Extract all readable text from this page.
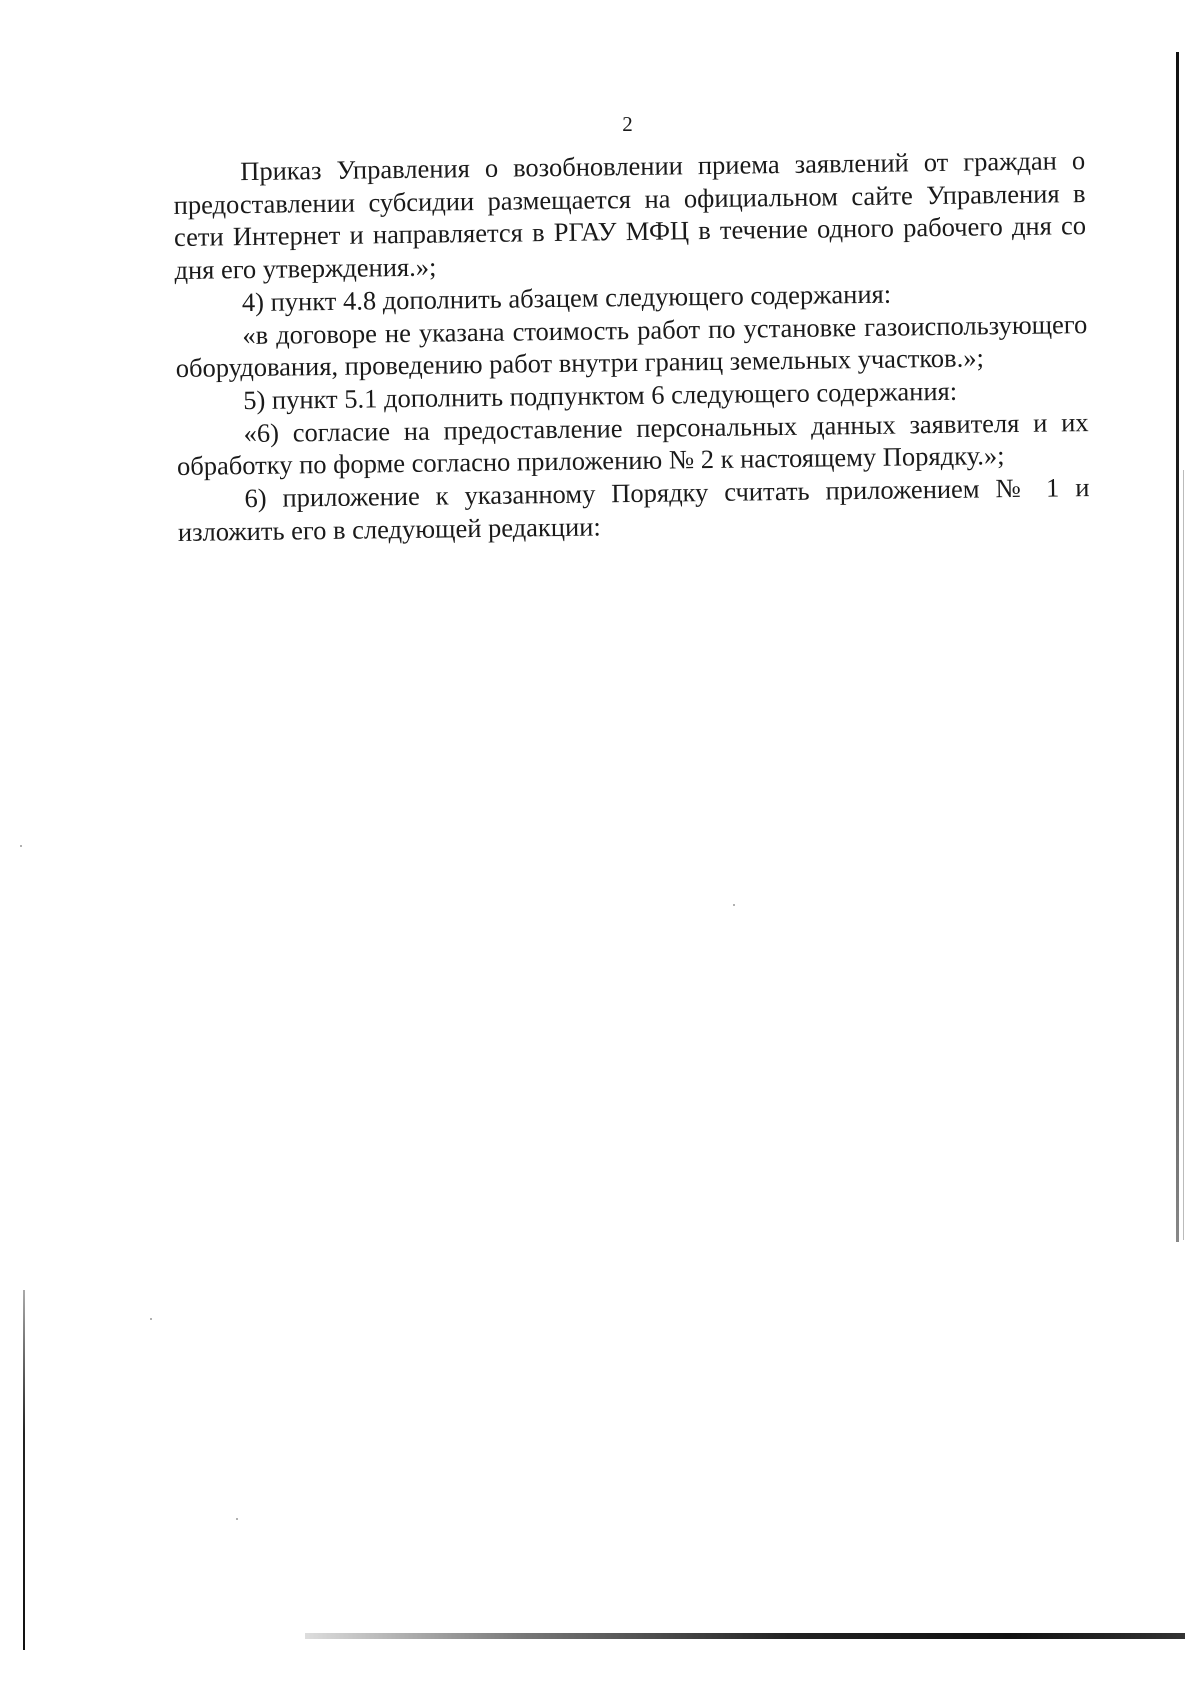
2

Приказ Управления о возобновлении приема заявлений от граждан о предоставлении субсидии размещается на официальном сайте Управления в сети Интернет и направляется в РГАУ МФЦ в течение одного рабочего дня со дня его утверждения.»;

4) пункт 4.8 дополнить абзацем следующего содержания:

«в договоре не указана стоимость работ по установке газоиспользующего оборудования, проведению работ внутри границ земельных участков.»;

5) пункт 5.1 дополнить подпунктом 6 следующего содержания:

«6) согласие на предоставление персональных данных заявителя и их обработку по форме согласно приложению № 2 к настоящему Порядку.»;

6) приложение к указанному Порядку считать приложением № 1 и изложить его в следующей редакции:
